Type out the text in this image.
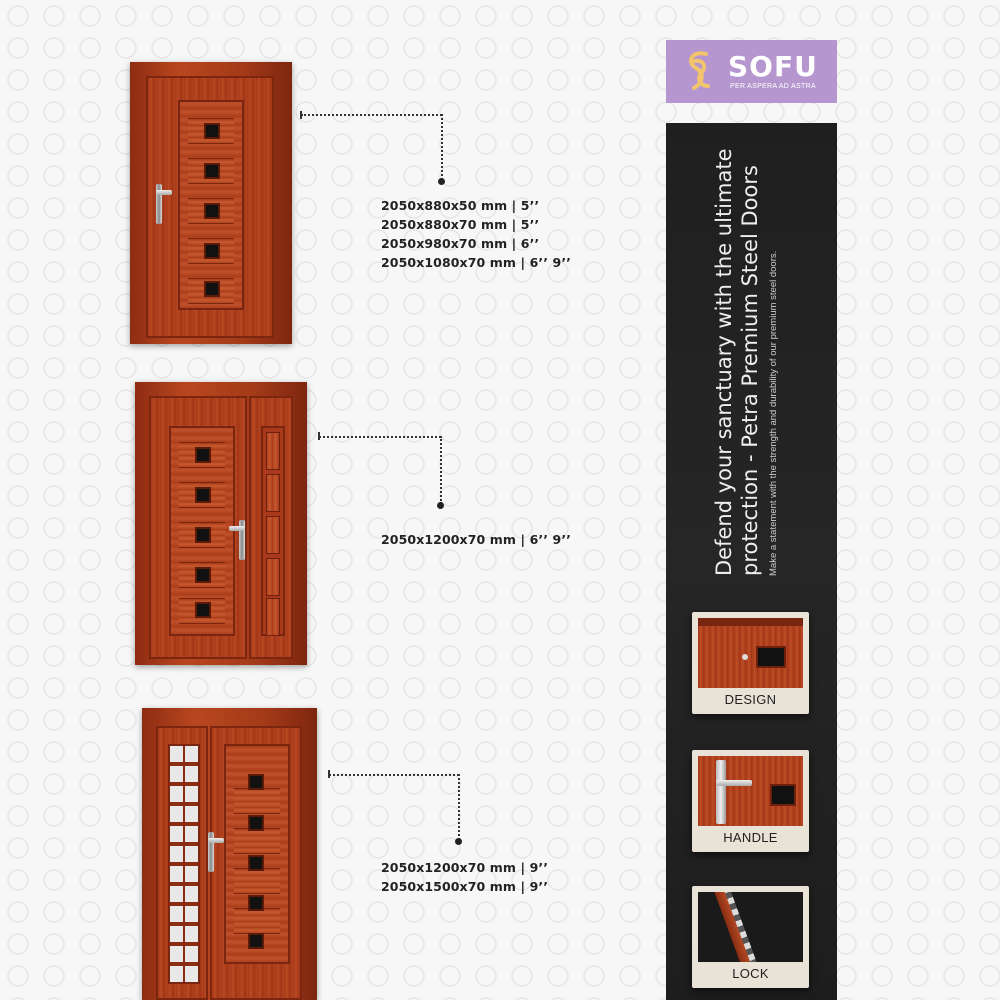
2050x880x50 mm | 5’’
2050x880x70 mm | 5’’
2050x980x70 mm | 6’’
2050x1080x70 mm | 6’’ 9’’
2050x1200x70 mm | 6’’ 9’’
2050x1200x70 mm | 9’’
2050x1500x70 mm | 9’’
SOFU
PER ASPERA AD ASTRA
Defend your sanctuary with the ultimate protection - Petra Premium Steel Doors Make a statement with the strength and durability of our premium steel doors.
DESIGN
HANDLE
LOCK
